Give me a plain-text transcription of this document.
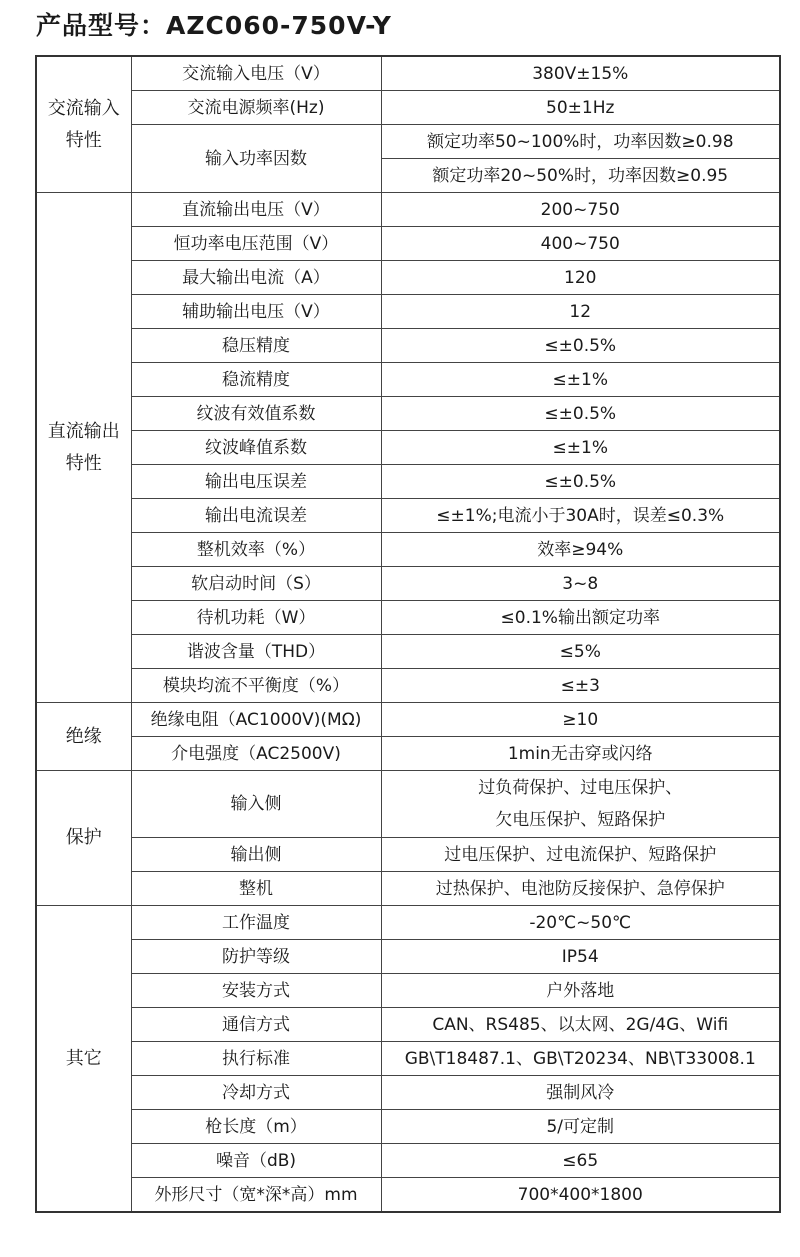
产品型号：AZC060-750V-Y
交流输入特性	交流输入电压（V）	380V±15%
	交流电源频率(Hz)	50±1Hz
	输入功率因数	额定功率50~100%时，功率因数≥0.98
		额定功率20~50%时，功率因数≥0.95
直流输出特性	直流输出电压（V）	200~750
	恒功率电压范围（V）	400~750
	最大输出电流（A）	120
	辅助输出电压（V）	12
	稳压精度	≤±0.5%
	稳流精度	≤±1%
	纹波有效值系数	≤±0.5%
	纹波峰值系数	≤±1%
	输出电压误差	≤±0.5%
	输出电流误差	≤±1%;电流小于30A时，误差≤0.3%
	整机效率（%）	效率≥94%
	软启动时间（S）	3~8
	待机功耗（W）	≤0.1%输出额定功率
	谐波含量（THD）	≤5%
	模块均流不平衡度（%）	≤±3
绝缘	绝缘电阻（AC1000V)(MΩ)	≥10
	介电强度（AC2500V)	1min无击穿或闪络
保护	输入侧	过负荷保护、过电压保护、
欠电压保护、短路保护

	输出侧	过电压保护、过电流保护、短路保护
	整机	过热保护、电池防反接保护、急停保护
其它	工作温度	-20℃~50℃
	防护等级	IP54
	安装方式	户外落地
	通信方式	CAN、RS485、以太网、2G/4G、Wifi
	执行标准	GB\T18487.1、GB\T20234、NB\T33008.1
	冷却方式	强制风冷
	枪长度（m）	5/可定制
	噪音（dB)	≤65
	外形尺寸（宽*深*高）mm	700*400*1800
